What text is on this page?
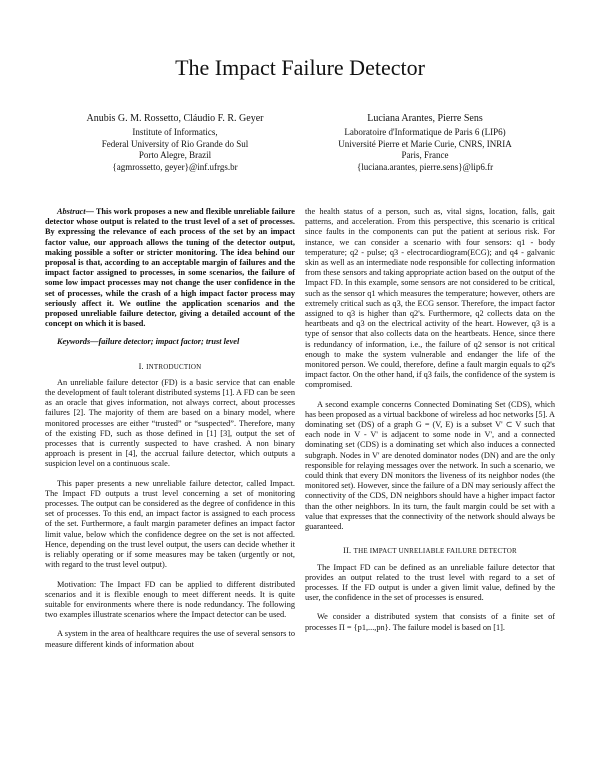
The Impact Failure Detector
Anubis G. M. Rossetto, Cláudio F. R. Geyer
Institute of Informatics,
Federal University of Rio Grande do Sul
Porto Alegre, Brazil
{agmrossetto, geyer}@inf.ufrgs.br
Luciana Arantes, Pierre Sens
Laboratoire d'Informatique de Paris 6 (LIP6)
Université Pierre et Marie Curie, CNRS, INRIA
Paris, France
{luciana.arantes, pierre.sens}@lip6.fr

Abstract— This work proposes a new and flexible unreliable failure detector whose output is related to the trust level of a set of processes. By expressing the relevance of each process of the set by an impact factor value, our approach allows the tuning of the detector output, making possible a softer or stricter monitoring. The idea behind our proposal is that, according to an acceptable margin of failures and the impact factor assigned to processes, in some scenarios, the failure of some low impact processes may not change the user confidence in the set of processes, while the crash of a high impact factor process may seriously affect it. We outline the application scenarios and the proposed unreliable failure detector, giving a detailed account of the concept on which it is based.

Keywords—failure detector; impact factor; trust level

I. INTRODUCTION

An unreliable failure detector (FD) is a basic service that can enable the development of fault tolerant distributed systems [1]. A FD can be seen as an oracle that gives information, not always correct, about processes failures [2]. The majority of them are based on a binary model, where monitored processes are either “trusted” or “suspected”. Therefore, many of the existing FD, such as those defined in [1] [3], output the set of processes that is currently suspected to have crashed. A non binary approach is present in [4], the accrual failure detector, which outputs a suspicion level on a continuous scale.

This paper presents a new unreliable failure detector, called Impact. The Impact FD outputs a trust level concerning a set of monitoring processes. The output can be considered as the degree of confidence in this set of processes. To this end, an impact factor is assigned to each process of the set. Furthermore, a fault margin parameter defines an impact factor limit value, below which the confidence degree on the set is not affected. Hence, depending on the trust level output, the users can decide whether it is reliably operating or if some measures may be taken (urgently or not, with regard to the trust level output).

Motivation: The Impact FD can be applied to different distributed scenarios and it is flexible enough to meet different needs. It is quite suitable for environments where there is node redundancy. The following two examples illustrate scenarios where the Impact detector can be used.

A system in the area of healthcare requires the use of several sensors to measure different kinds of information about

the health status of a person, such as, vital signs, location, falls, gait patterns, and acceleration. From this perspective, this scenario is critical since faults in the components can put the patient at serious risk. For instance, we can consider a scenario with four sensors: q1 - body temperature; q2 - pulse; q3 - electrocardiogram(ECG); and q4 - galvanic skin as well as an intermediate node responsible for collecting information from these sensors and taking appropriate action based on the output of the Impact FD. In this example, some sensors are not considered to be critical, such as the sensor q1 which measures the temperature; however, others are extremely critical such as q3, the ECG sensor. Therefore, the impact factor assigned to q3 is higher than q2's. Furthermore, q2 collects data on the heartbeats and q3 on the electrical activity of the heart. However, q3 is a type of sensor that also collects data on the heartbeats. Hence, since there is redundancy of information, i.e., the failure of q2 sensor is not critical enough to make the system vulnerable and endanger the life of the monitored person. We could, therefore, define a fault margin equals to q2's impact factor. On the other hand, if q3 fails, the confidence of the system is compromised.

A second example concerns Connected Dominating Set (CDS), which has been proposed as a virtual backbone of wireless ad hoc networks [5]. A dominating set (DS) of a graph G = (V, E) is a subset V' ⊂ V such that each node in V - V' is adjacent to some node in V', and a connected dominating set (CDS) is a dominating set which also induces a connected subgraph. Nodes in V' are denoted dominator nodes (DN) and are the only responsible for relaying messages over the network. In such a scenario, we could think that every DN monitors the liveness of its neighbor nodes (the monitored set). However, since the failure of a DN may seriously affect the connectivity of the CDS, DN neighbors should have a higher impact factor than the other neighbors. In its turn, the fault margin could be set with a value that expresses that the connectivity of the network should always be guaranteed.

II. THE IMPACT UNRELIABLE FAILURE DETECTOR

The Impact FD can be defined as an unreliable failure detector that provides an output related to the trust level with regard to a set of processes. If the FD output is under a given limit value, defined by the user, the confidence in the set of processes is ensured.

We consider a distributed system that consists of a finite set of processes Π = {p1,...,pn}. The failure model is based on [1].
